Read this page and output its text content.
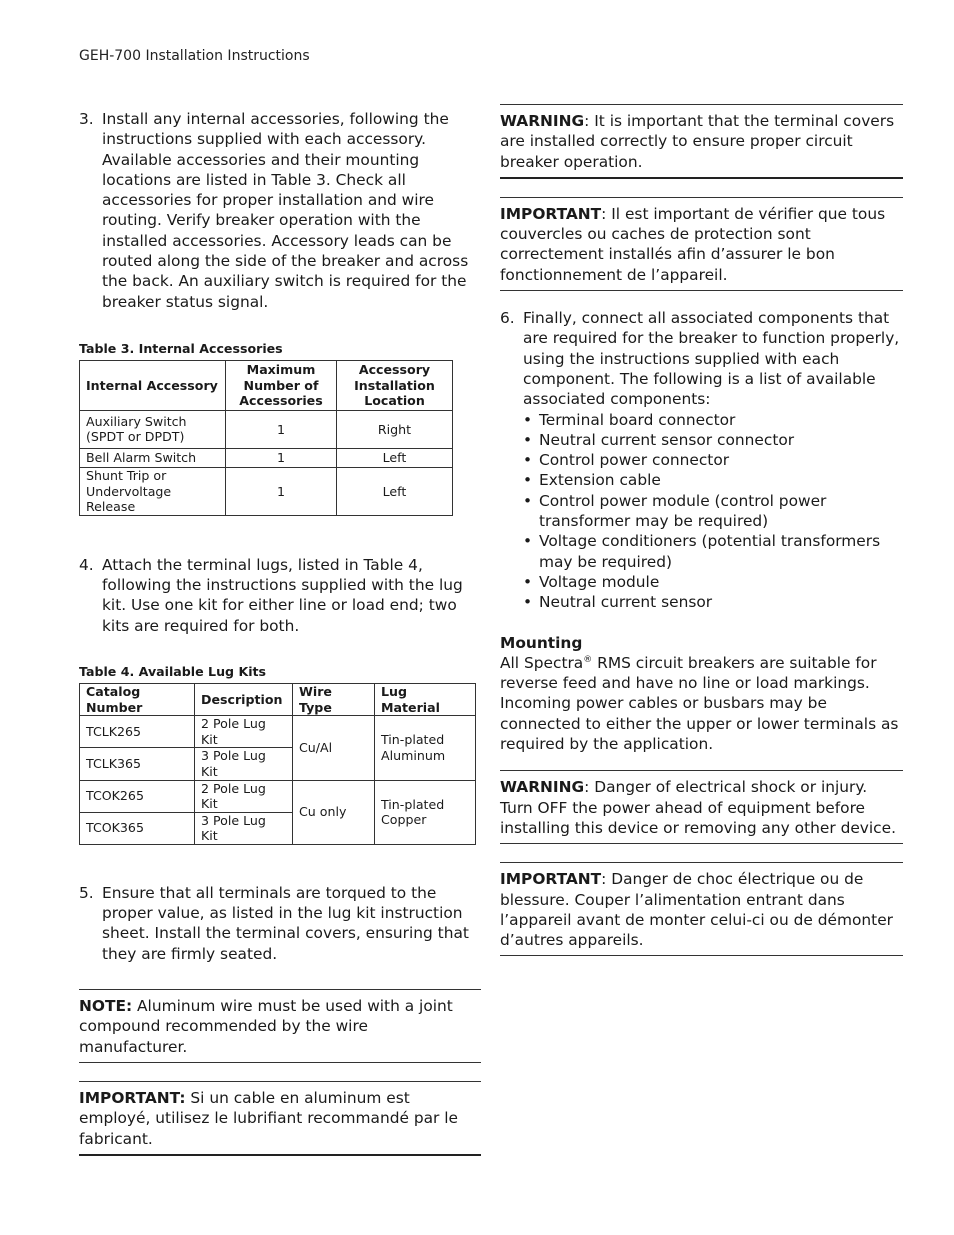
GEH-700 Installation Instructions
3. Install any internal accessories, following the instructions supplied with each accessory. Available accessories and their mounting locations are listed in Table 3. Check all accessories for proper installation and wire routing. Verify breaker operation with the installed accessories. Accessory leads can be routed along the side of the breaker and across the back. An auxiliary switch is required for the breaker status signal.

Table 3. Internal Accessories

Internal Accessory	Maximum Number of Accessories	Accessory Installation Location
Auxiliary Switch (SPDT or DPDT)	1	Right
Bell Alarm Switch	1	Left
Shunt Trip or Undervoltage Release	1	Left
4. Attach the terminal lugs, listed in Table 4, following the instructions supplied with the lug kit. Use one kit for either line or load end; two kits are required for both.

Table 4. Available Lug Kits

Catalog Number	Description	Wire Type	Lug Material
TCLK265	2 Pole Lug Kit	Cu/Al	Tin-plated Aluminum
TCLK365	3 Pole Lug Kit		
TCOK265	2 Pole Lug Kit	Cu only	Tin-plated Copper
TCOK365	3 Pole Lug Kit		
5. Ensure that all terminals are torqued to the proper value, as listed in the lug kit instruction sheet. Install the terminal covers, ensuring that they are firmly seated.
NOTE: Aluminum wire must be used with a joint compound recommended by the wire manufacturer.
IMPORTANT: Si un cable en aluminum est employé, utilisez le lubrifiant recommandé par le fabricant.
WARNING: It is important that the terminal covers are installed correctly to ensure proper circuit breaker operation.
IMPORTANT: Il est important de vérifier que tous couvercles ou caches de protection sont correctement installés afin d’assurer le bon fonctionnement de l’appareil.
6. Finally, connect all associated components that are required for the breaker to function properly, using the instructions supplied with each component. The following is a list of available associated components:
• Terminal board connector
• Neutral current sensor connector
• Control power connector
• Extension cable
• Control power module (control power transformer may be required)
• Voltage conditioners (potential transformers may be required)
• Voltage module
• Neutral current sensor

Mounting

All Spectra® RMS circuit breakers are suitable for reverse feed and have no line or load markings. Incoming power cables or busbars may be connected to either the upper or lower terminals as required by the application.

WARNING: Danger of electrical shock or injury. Turn OFF the power ahead of equipment before installing this device or removing any other device.
IMPORTANT: Danger de choc électrique ou de blessure. Couper l’alimentation entrant dans l’appareil avant de monter celui-ci ou de démonter d’autres appareils.
